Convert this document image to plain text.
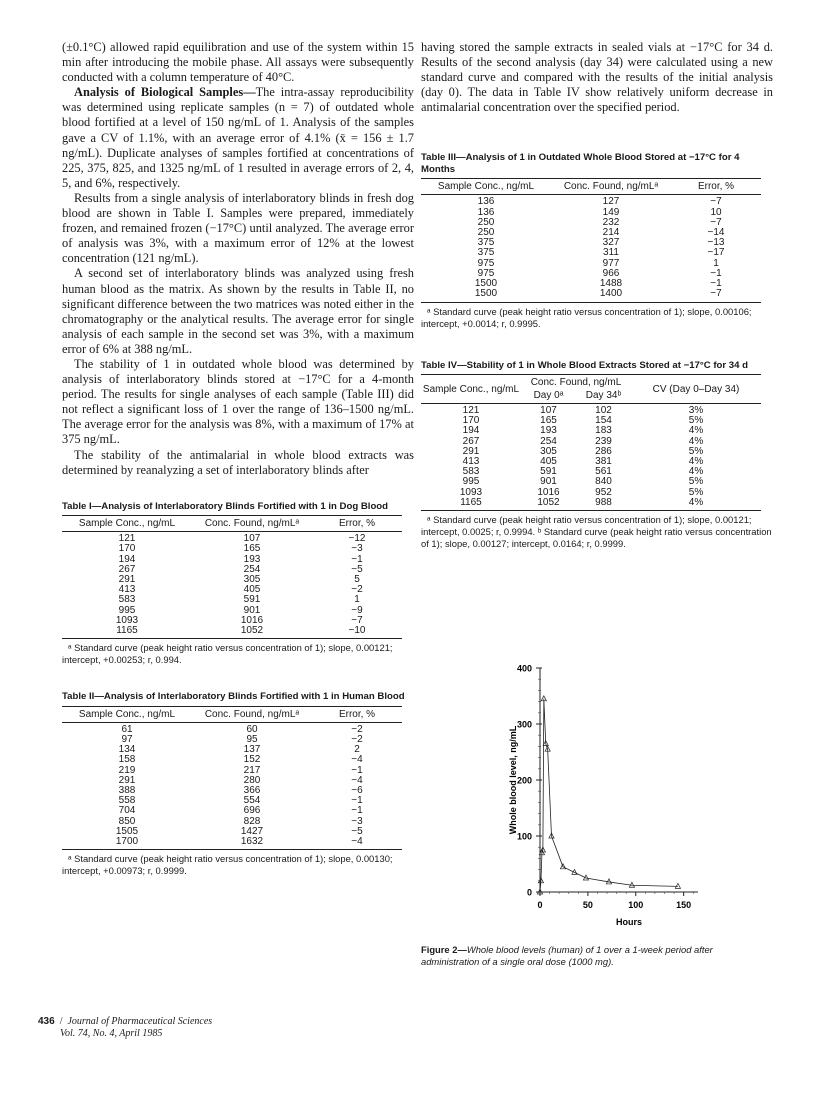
(±0.1°C) allowed rapid equilibration and use of the system within 15 min after introducing the mobile phase. All assays were subsequently conducted with a column temperature of 40°C.

Analysis of Biological Samples—The intra-assay reproducibility was determined using replicate samples (n = 7) of outdated whole blood fortified at a level of 150 ng/mL of 1. Analysis of the samples gave a CV of 1.1%, with an average error of 4.1% (x̄ = 156 ± 1.7 ng/mL). Duplicate analyses of samples fortified at concentrations of 225, 375, 825, and 1325 ng/mL of 1 resulted in average errors of 2, 4, 5, and 6%, respectively.

Results from a single analysis of interlaboratory blinds in fresh dog blood are shown in Table I. Samples were prepared, immediately frozen, and remained frozen (−17°C) until analyzed. The average error of analysis was 3%, with a maximum error of 12% at the lowest concentration (121 ng/mL).

A second set of interlaboratory blinds was analyzed using fresh human blood as the matrix. As shown by the results in Table II, no significant difference between the two matrices was noted either in the chromatography or the analytical results. The average error for single analysis of each sample in the second set was 3%, with a maximum error of 6% at 388 ng/mL.

The stability of 1 in outdated whole blood was determined by analysis of interlaboratory blinds stored at −17°C for a 4-month period. The results for single analyses of each sample (Table III) did not reflect a significant loss of 1 over the range of 136–1500 ng/mL. The average error for the analysis was 8%, with a maximum of 17% at 375 ng/mL.

The stability of the antimalarial in whole blood extracts was determined by reanalyzing a set of interlaboratory blinds after

Table I—Analysis of Interlaboratory Blinds Fortified with 1 in Dog Blood

Sample Conc., ng/mL	Conc. Found, ng/mLᵃ	Error, %
121	107	−12
170	165	−3
194	193	−1
267	254	−5
291	305	5
413	405	−2
583	591	1
995	901	−9
1093	1016	−7
1165	1052	−10

ᵃ Standard curve (peak height ratio versus concentration of 1); slope, 0.00121; intercept, +0.00253; r, 0.994.

Table II—Analysis of Interlaboratory Blinds Fortified with 1 in Human Blood

Sample Conc., ng/mL	Conc. Found, ng/mLᵃ	Error, %
61	60	−2
97	95	−2
134	137	2
158	152	−4
219	217	−1
291	280	−4
388	366	−6
558	554	−1
704	696	−1
850	828	−3
1505	1427	−5
1700	1632	−4

ᵃ Standard curve (peak height ratio versus concentration of 1); slope, 0.00130; intercept, +0.00973; r, 0.9999.

having stored the sample extracts in sealed vials at −17°C for 34 d. Results of the second analysis (day 34) were calculated using a new standard curve and compared with the results of the initial analysis (day 0). The data in Table IV show relatively uniform decrease in antimalarial concentration over the specified period.

Table III—Analysis of 1 in Outdated Whole Blood Stored at −17°C for 4 Months

Sample Conc., ng/mL	Conc. Found, ng/mLᵃ	Error, %
136	127	−7
136	149	10
250	232	−7
250	214	−14
375	327	−13
375	311	−17
975	977	1
975	966	−1
1500	1488	−1
1500	1400	−7

ᵃ Standard curve (peak height ratio versus concentration of 1); slope, 0.00106; intercept, +0.0014; r, 0.9995.

Table IV—Stability of 1 in Whole Blood Extracts Stored at −17°C for 34 d

Sample Conc., ng/mL	Conc. Found, ng/mL		CV (Day 0–Day 34)
	Day 0ᵃ	Day 34ᵇ	
121	107	102	3%
170	165	154	5%
194	193	183	4%
267	254	239	4%
291	305	286	5%
413	405	381	4%
583	591	561	4%
995	901	840	5%
1093	1016	952	5%
1165	1052	988	4%

ᵃ Standard curve (peak height ratio versus concentration of 1); slope, 0.00121; intercept, 0.0025; r, 0.9994. ᵇ Standard curve (peak height ratio versus concentration of 1); slope, 0.00127; intercept, 0.0164; r, 0.9999.

0
100
200
300
400
0	50	100	150
Hours
Whole blood level, ng/mL
Figure 2—Whole blood levels (human) of 1 over a 1-week period after administration of a single oral dose (1000 mg).
436  /  Journal of Pharmaceutical Sciences
Vol. 74, No. 4, April 1985
